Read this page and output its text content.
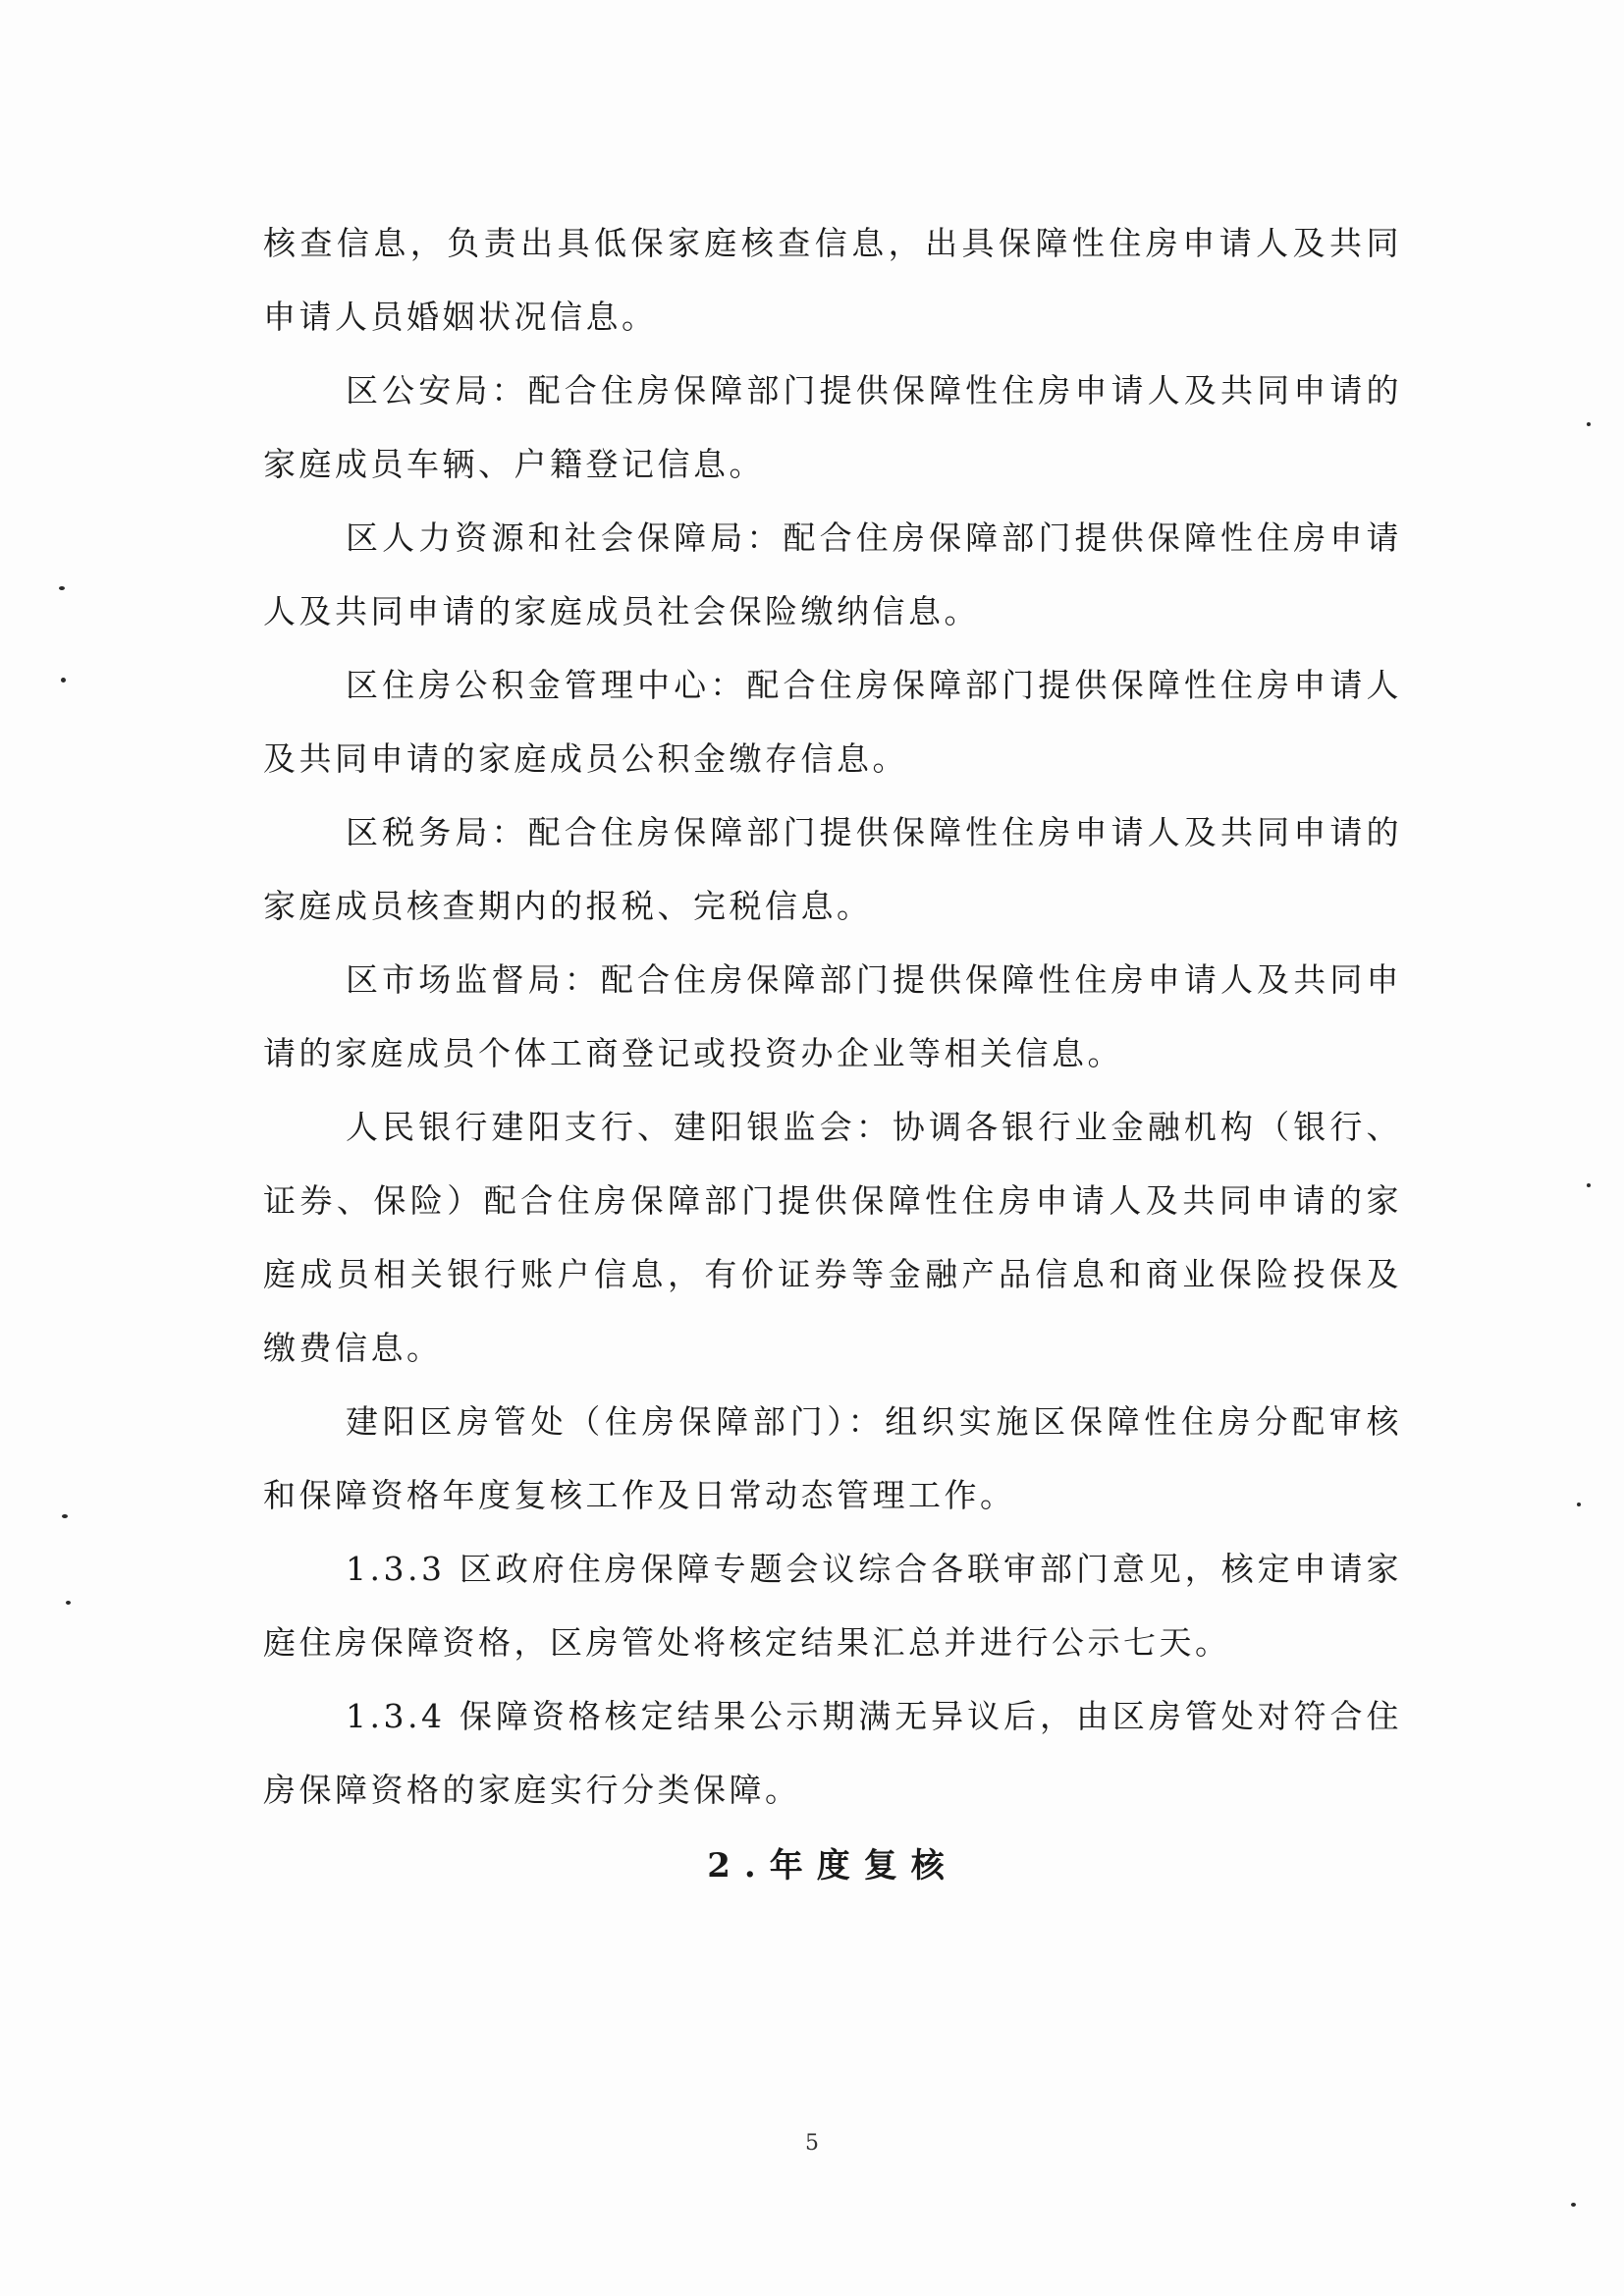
核查信息，负责出具低保家庭核查信息，出具保障性住房申请人及共同申请人员婚姻状况信息。

区公安局：配合住房保障部门提供保障性住房申请人及共同申请的家庭成员车辆、户籍登记信息。

区人力资源和社会保障局：配合住房保障部门提供保障性住房申请人及共同申请的家庭成员社会保险缴纳信息。

区住房公积金管理中心：配合住房保障部门提供保障性住房申请人及共同申请的家庭成员公积金缴存信息。

区税务局：配合住房保障部门提供保障性住房申请人及共同申请的家庭成员核查期内的报税、完税信息。

区市场监督局：配合住房保障部门提供保障性住房申请人及共同申请的家庭成员个体工商登记或投资办企业等相关信息。

人民银行建阳支行、建阳银监会：协调各银行业金融机构（银行、证券、保险）配合住房保障部门提供保障性住房申请人及共同申请的家庭成员相关银行账户信息，有价证券等金融产品信息和商业保险投保及缴费信息。

建阳区房管处（住房保障部门）：组织实施区保障性住房分配审核和保障资格年度复核工作及日常动态管理工作。

1.3.3 区政府住房保障专题会议综合各联审部门意见，核定申请家庭住房保障资格，区房管处将核定结果汇总并进行公示七天。

1.3.4 保障资格核定结果公示期满无异议后，由区房管处对符合住房保障资格的家庭实行分类保障。

2.年度复核

5
